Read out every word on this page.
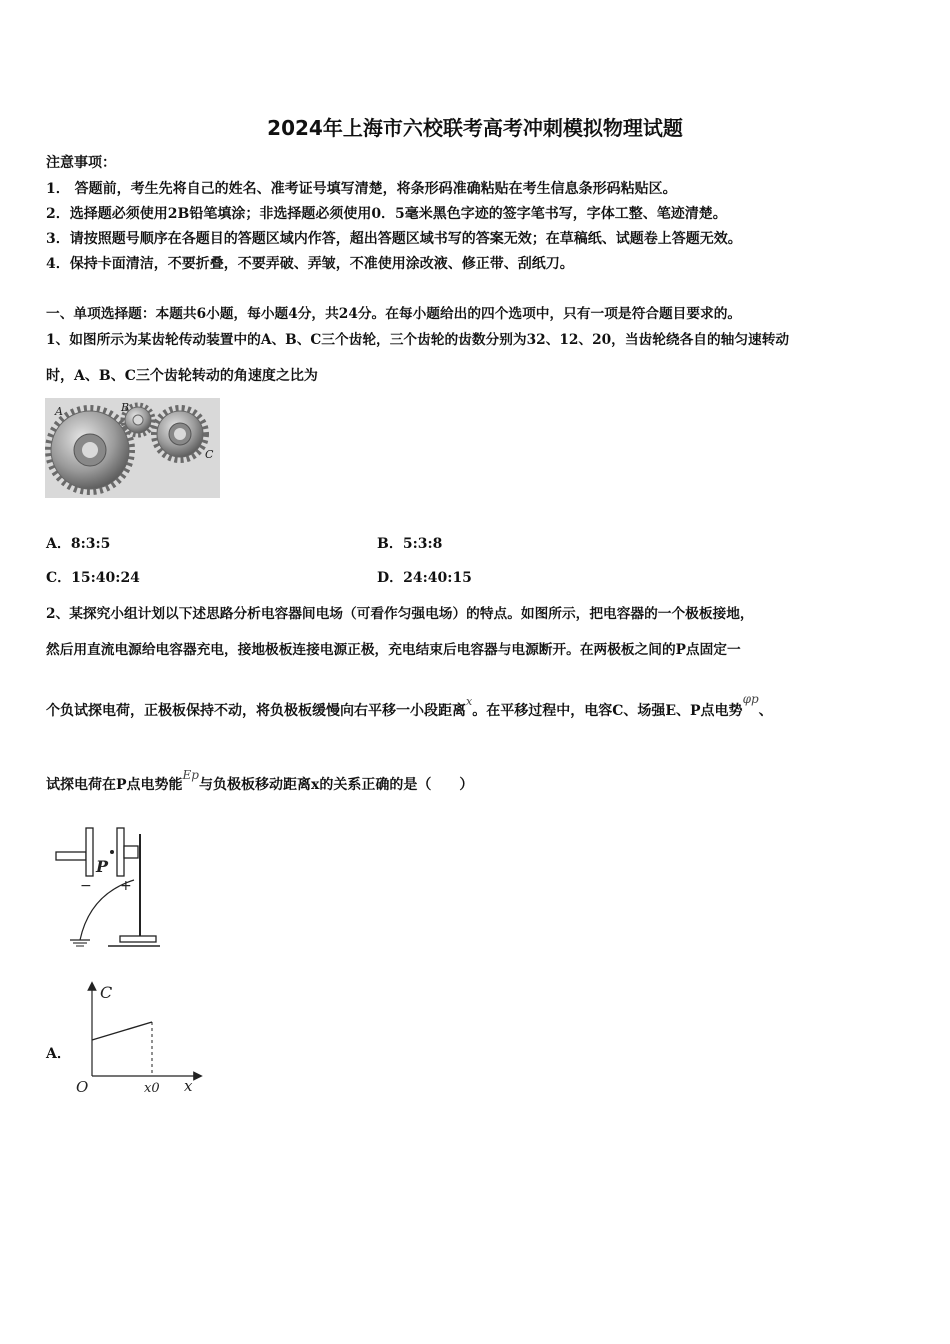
2024年上海市六校联考高考冲刺模拟物理试题
注意事项：
1． 答题前，考生先将自己的姓名、准考证号填写清楚，将条形码准确粘贴在考生信息条形码粘贴区。
2．选择题必须使用2B铅笔填涂；非选择题必须使用0．5毫米黑色字迹的签字笔书写，字体工整、笔迹清楚。
3．请按照题号顺序在各题目的答题区域内作答，超出答题区域书写的答案无效；在草稿纸、试题卷上答题无效。
4．保持卡面清洁，不要折叠，不要弄破、弄皱，不准使用涂改液、修正带、刮纸刀。
一、单项选择题：本题共6小题，每小题4分，共24分。在每小题给出的四个选项中，只有一项是符合题目要求的。
1、如图所示为某齿轮传动装置中的A、B、C三个齿轮，三个齿轮的齿数分别为32、12、20，当齿轮绕各自的轴匀速转动
时，A、B、C三个齿轮转动的角速度之比为
A	B
C
A．8:3:5	B．5:3:8
C．15:40:24	D．24:40:15
2、某探究小组计划以下述思路分析电容器间电场（可看作匀强电场）的特点。如图所示，把电容器的一个极板接地，
然后用直流电源给电容器充电，接地极板连接电源正极，充电结束后电容器与电源断开。在两极板之间的P点固定一
个负试探电荷，正极板保持不动，将负极板缓慢向右平移一小段距离$^x$。在平移过程中，电容C、场强E、P点电势φp、
试探电荷在P点电势能Ep与负极板移动距离x的关系正确的是（　　）
P
− +
A．
C
x
O	x0
